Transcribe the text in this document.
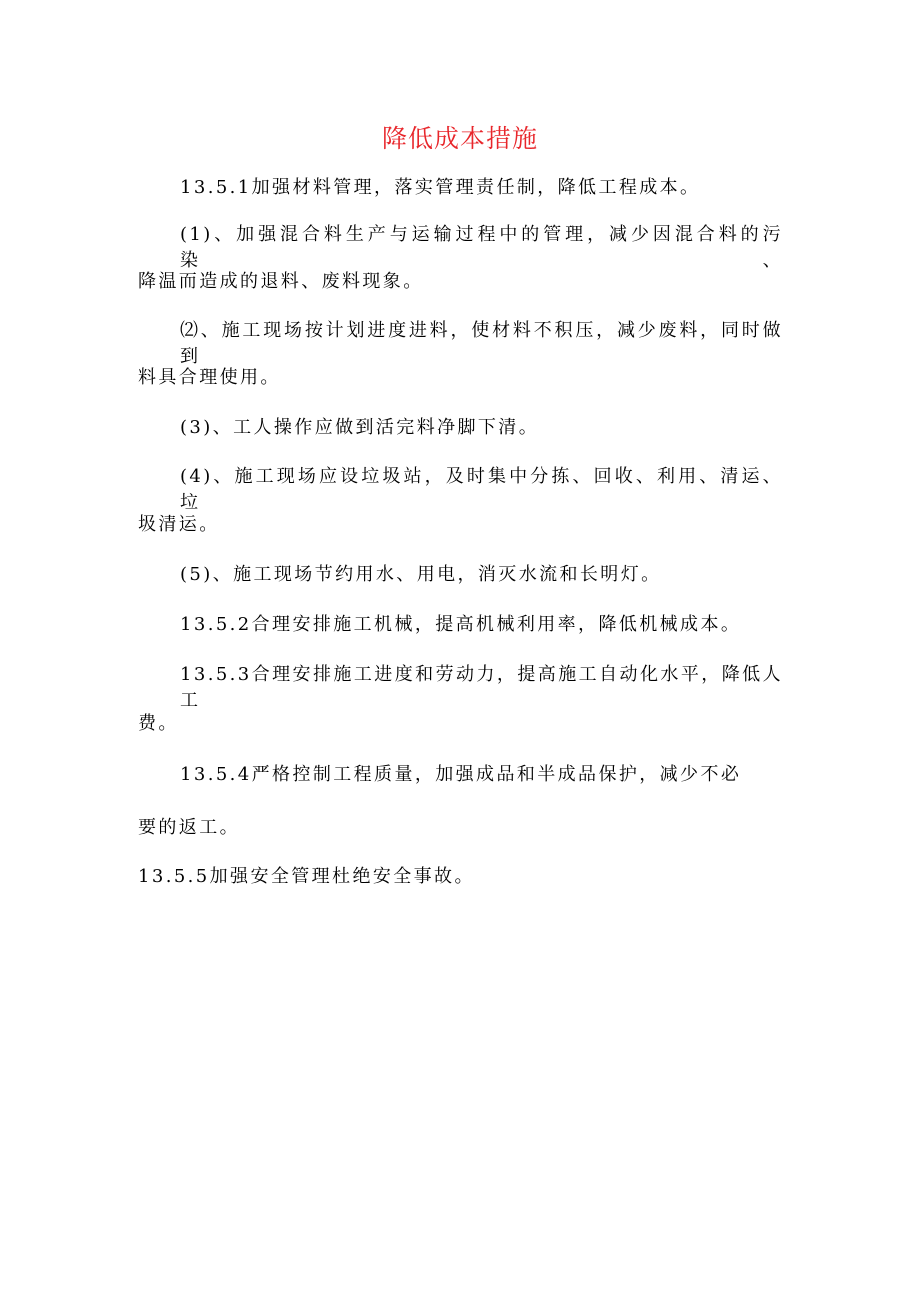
降低成本措施
13.5.1加强材料管理，落实管理责任制，降低工程成本。
(1)、加强混合料生产与运输过程中的管理，减少因混合料的污染、
降温而造成的退料、废料现象。
⑵、施工现场按计划进度进料，使材料不积压，减少废料，同时做到
料具合理使用。
(3)、工人操作应做到活完料净脚下清。
(4)、施工现场应设垃圾站，及时集中分拣、回收、利用、清运、垃
圾清运。
(5)、施工现场节约用水、用电，消灭水流和长明灯。
13.5.2合理安排施工机械，提高机械利用率，降低机械成本。
13.5.3合理安排施工进度和劳动力，提高施工自动化水平，降低人工
费。
13.5.4严格控制工程质量，加强成品和半成品保护，减少不必
要的返工。
13.5.5加强安全管理杜绝安全事故。
